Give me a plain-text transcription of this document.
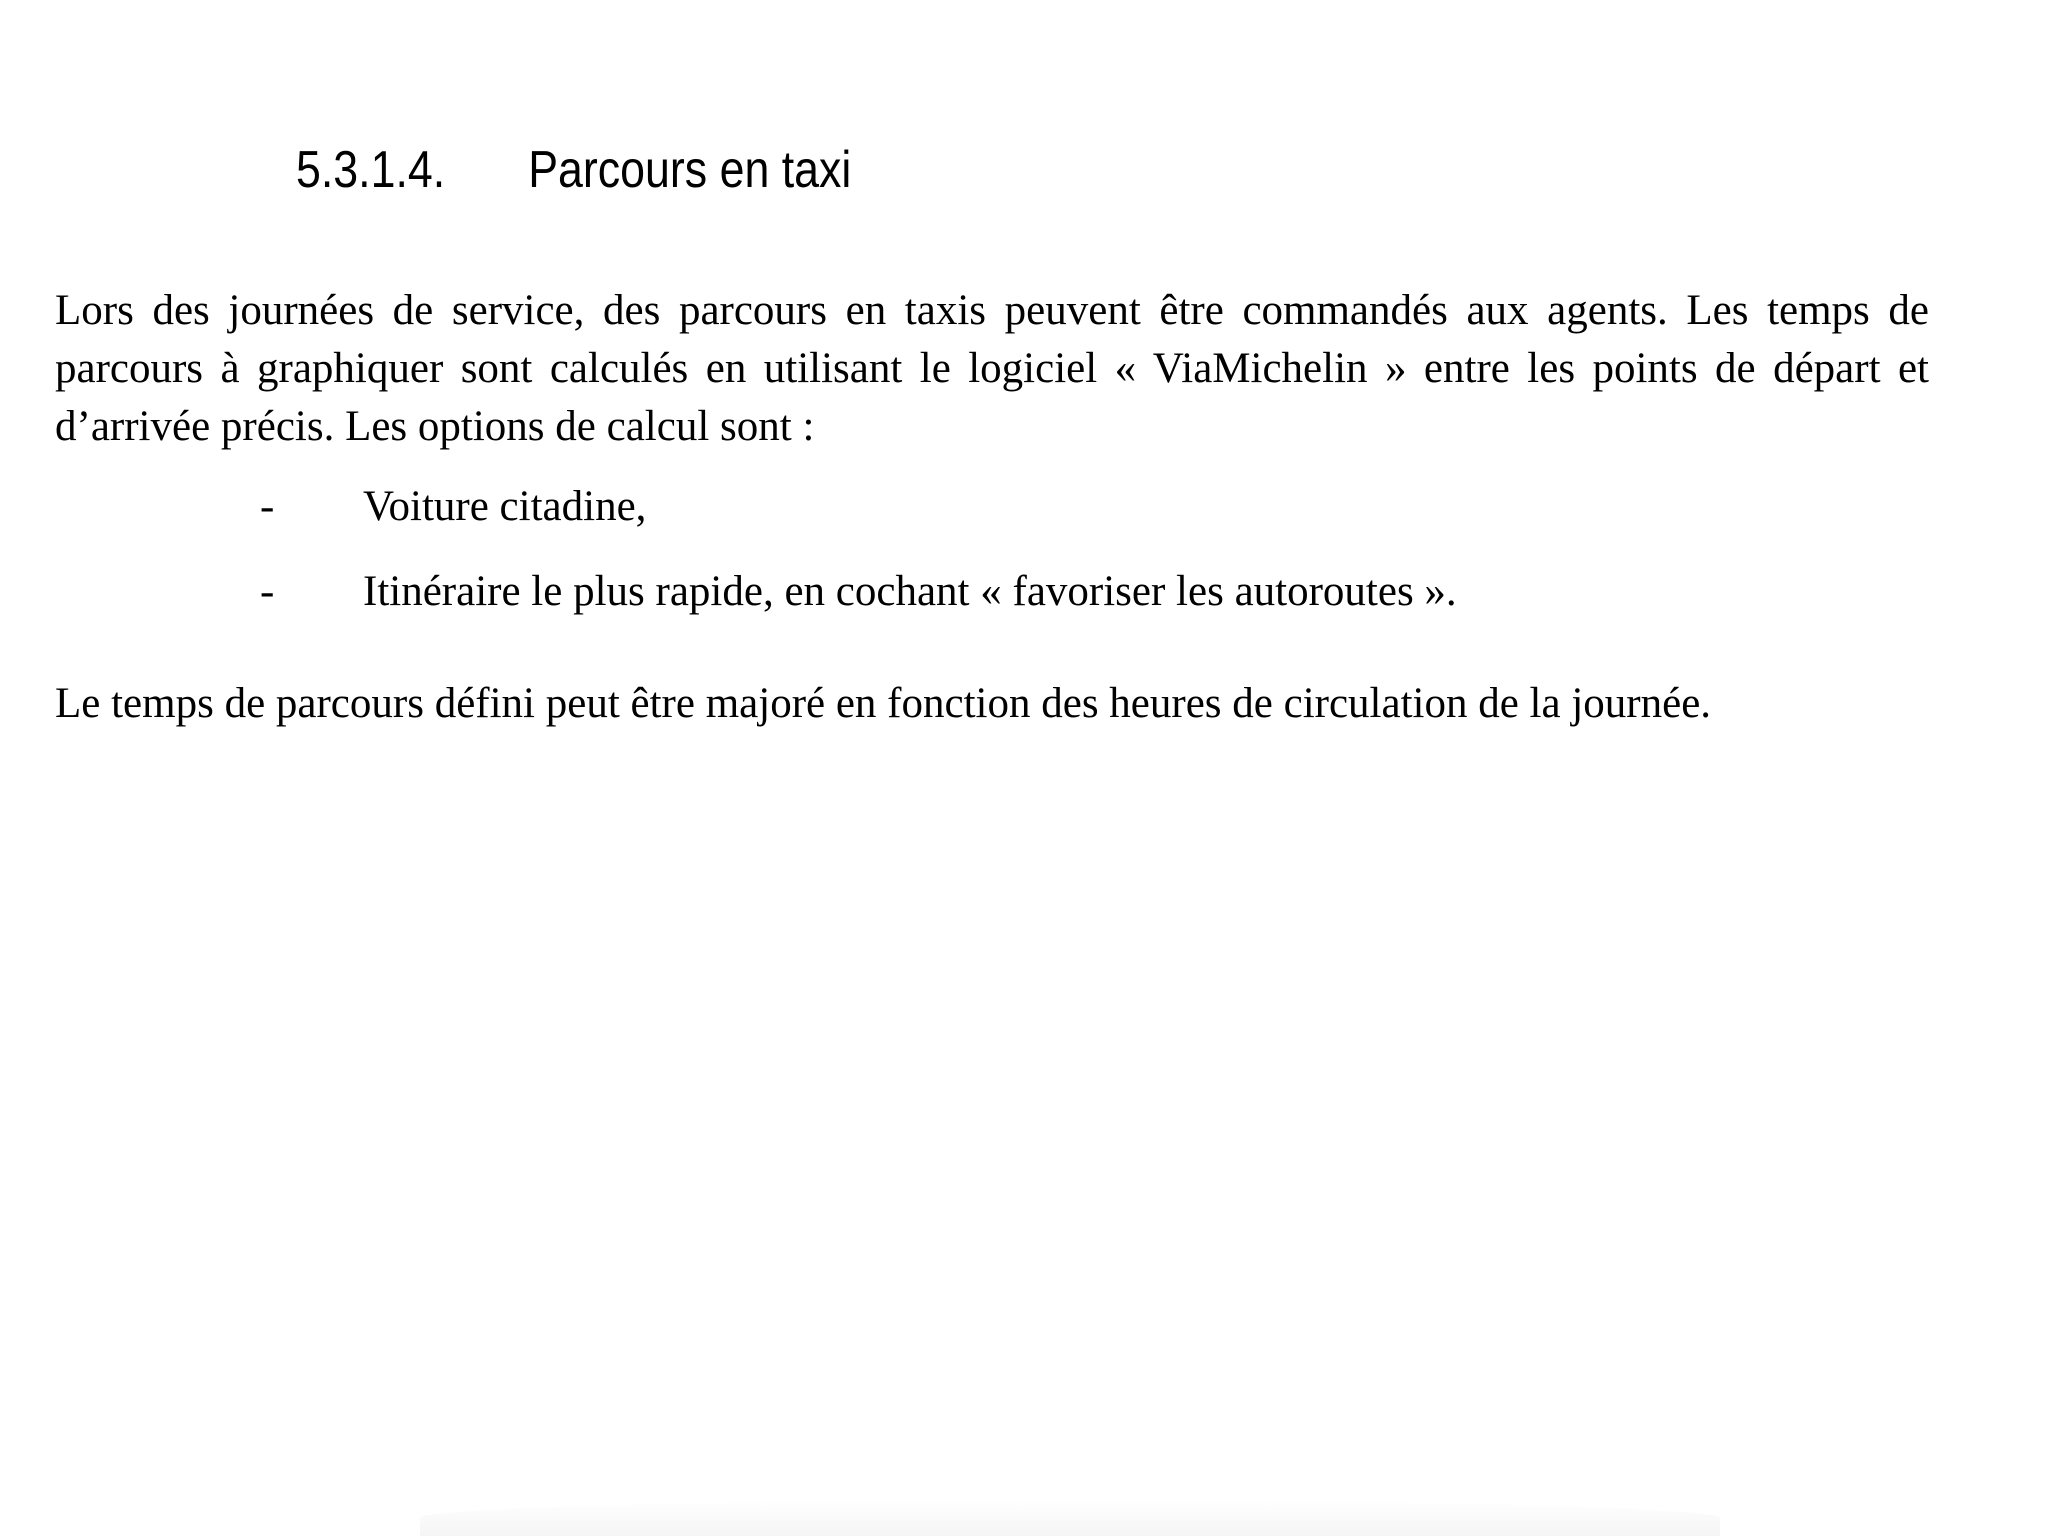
5.3.1.4. Parcours en taxi

Lors des journées de service, des parcours en taxis peuvent être commandés aux agents. Les temps de parcours à graphiquer sont calculés en utilisant le logiciel « ViaMichelin » entre les points de départ et d’arrivée précis. Les options de calcul sont :

- Voiture citadine,
- Itinéraire le plus rapide, en cochant « favoriser les autoroutes ».

Le temps de parcours défini peut être majoré en fonction des heures de circulation de la journée.
